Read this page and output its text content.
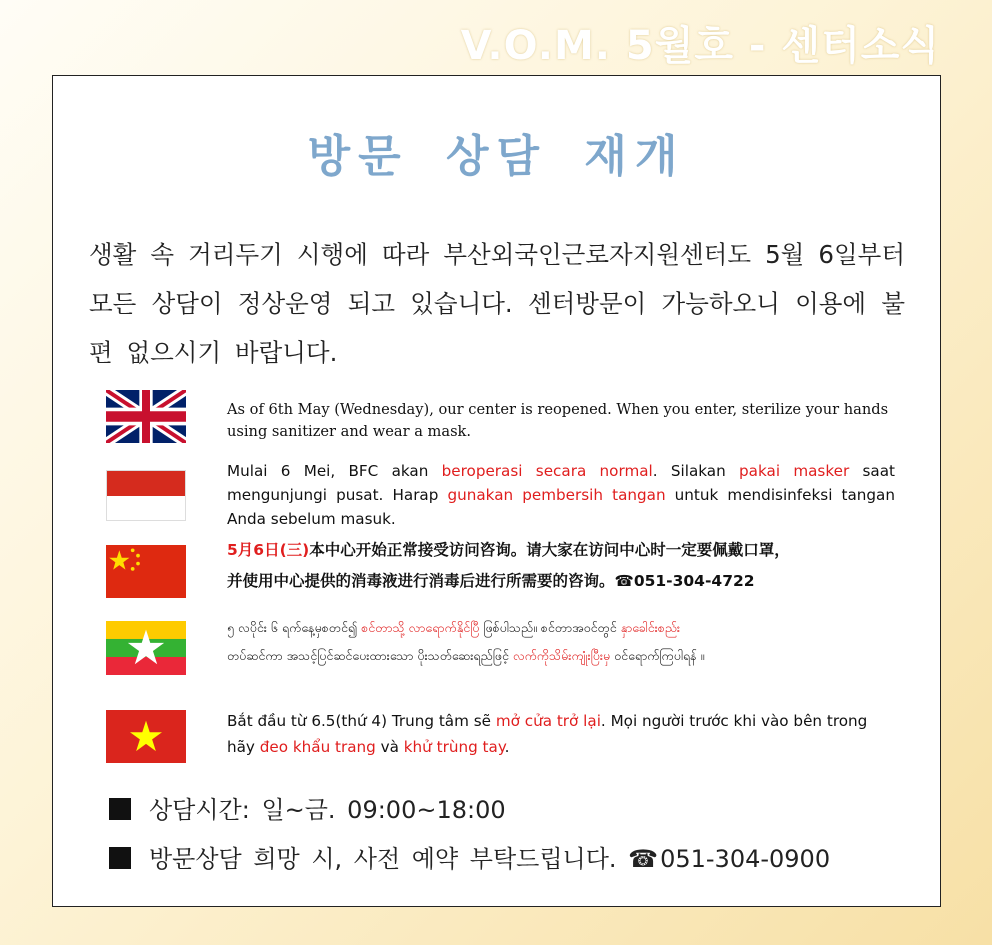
V.O.M. 5월호 - 센터소식
방문 상담 재개
생활 속 거리두기 시행에 따라 부산외국인근로자지원센터도 5월 6일부터 모든 상담이 정상운영 되고 있습니다. 센터방문이 가능하오니 이용에 불편 없으시기 바랍니다.
As of 6th May (Wednesday), our center is reopened. When you enter, sterilize your hands using sanitizer and wear a mask.
Mulai 6 Mei, BFC akan beroperasi secara normal. Silakan pakai masker saat mengunjungi pusat. Harap gunakan pembersih tangan untuk mendisinfeksi tangan Anda sebelum masuk.
5月6日(三)本中心开始正常接受访问咨询。请大家在访问中心时一定要佩戴口罩，
并使用中心提供的消毒液进行消毒后进行所需要的咨询。☎051-304-4722
၅ လပိုင်း ၆ ရက်နေ့မှစတင်၍ စင်တာသို့ လာရောက်နိုင်ပြီ ဖြစ်ပါသည်။ စင်တာအဝင်တွင် နှာခေါင်းစည်း
တပ်ဆင်ကာ အသင့်ပြင်ဆင်ပေးထားသော ပိုးသတ်ဆေးရည်ဖြင့် လက်ကိုသိမ်းကျုံးပြီးမှ ဝင်ရောက်ကြပါရန် ။
Bắt đầu từ 6.5(thứ 4) Trung tâm sẽ mở cửa trở lại. Mọi người trước khi vào bên trong hãy đeo khẩu trang và khử trùng tay.
상담시간: 일~금. 09:00~18:00
방문상담 희망 시, 사전 예약 부탁드립니다. ☎051-304-0900
